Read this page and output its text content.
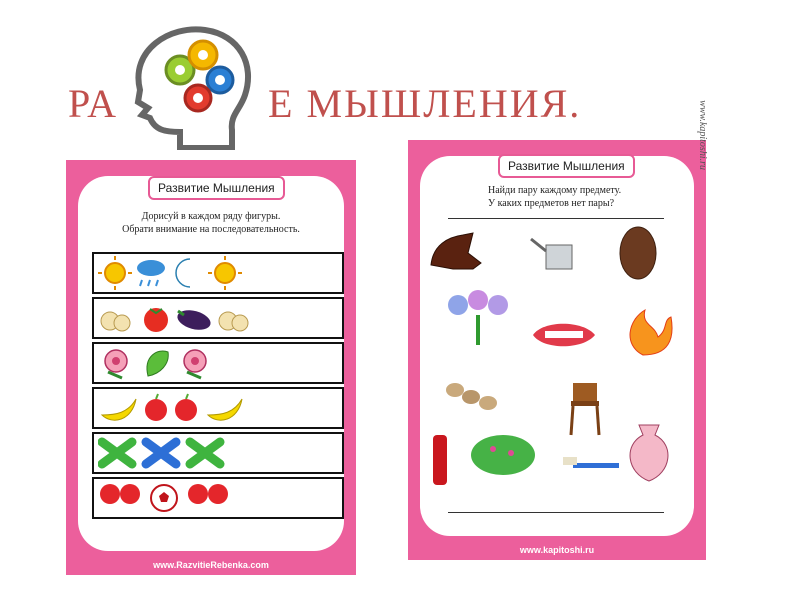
РА	Е МЫШЛЕНИЯ.
Развитие Мышления
Дорисуй в каждом ряду фигуры.
Обрати внимание на последовательность.
www.RazvitieRebenka.com
Развитие Мышления	www.kapitoshi.ru
Найди пару каждому предмету.
У каких предметов нет пары?
www.kapitoshi.ru
